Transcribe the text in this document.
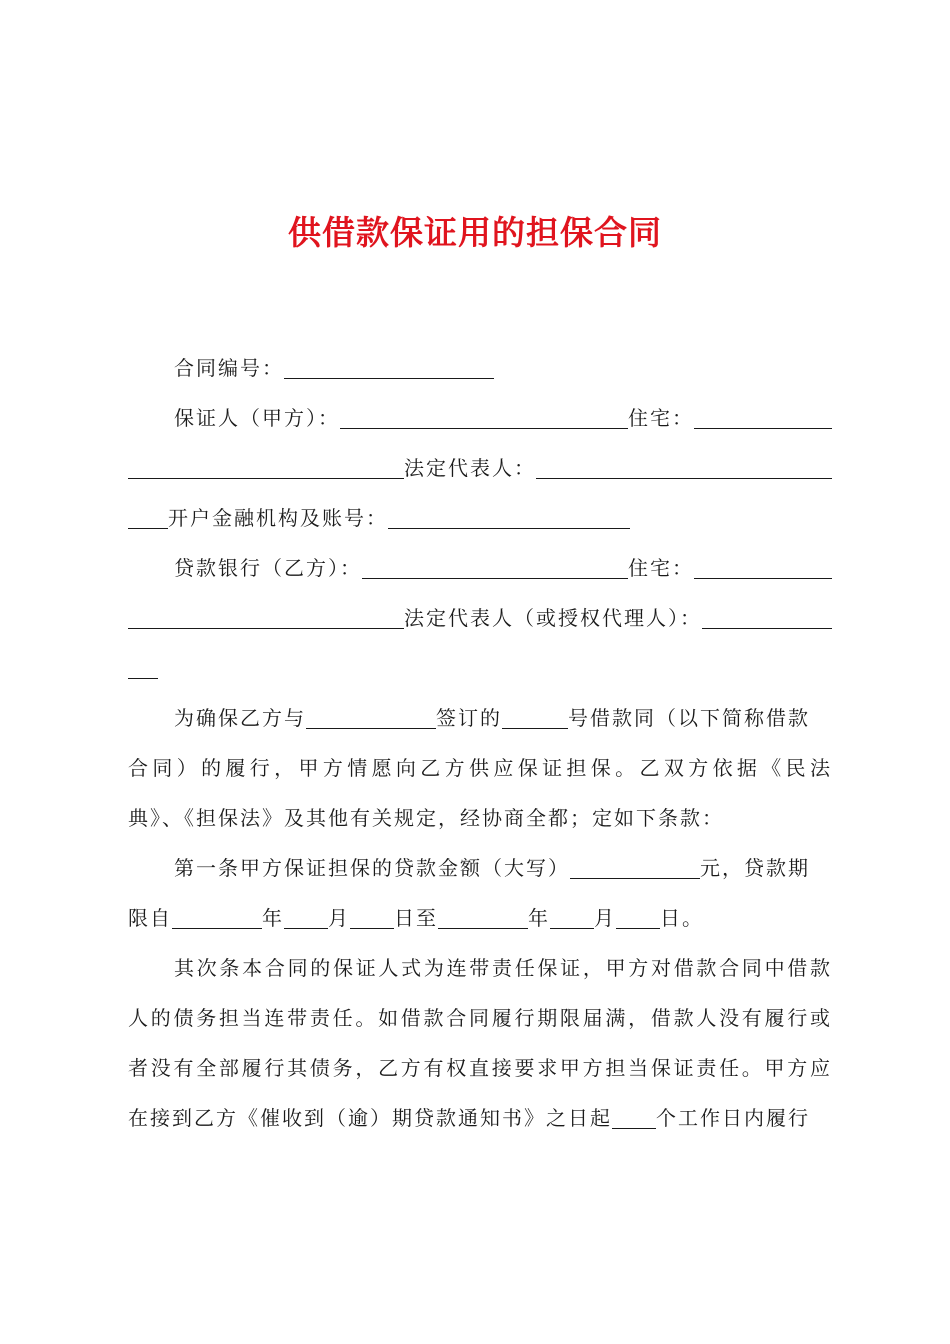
供借款保证用的担保合同
合同编号：
保证人（甲方）：	住宅：
法定代表人：
开户金融机构及账号：
贷款银行（乙方）：	住宅：
法定代表人（或授权代理人）：
为确保乙方与	签订的	号借款同（以下简称借款
合同）的履行，甲方情愿向乙方供应保证担保。乙双方依据《民法
典》、《担保法》及其他有关规定，经协商全都；定如下条款：
第一条甲方保证担保的贷款金额（大写）	元，贷款期
限自	年 月 日至	年 月 日。
其次条本合同的保证人式为连带责任保证，甲方对借款合同中借款
人的债务担当连带责任。如借款合同履行期限届满，借款人没有履行或
者没有全部履行其债务，乙方有权直接要求甲方担当保证责任。甲方应
在接到乙方《催收到（逾）期贷款通知书》之日起 个工作日内履行
